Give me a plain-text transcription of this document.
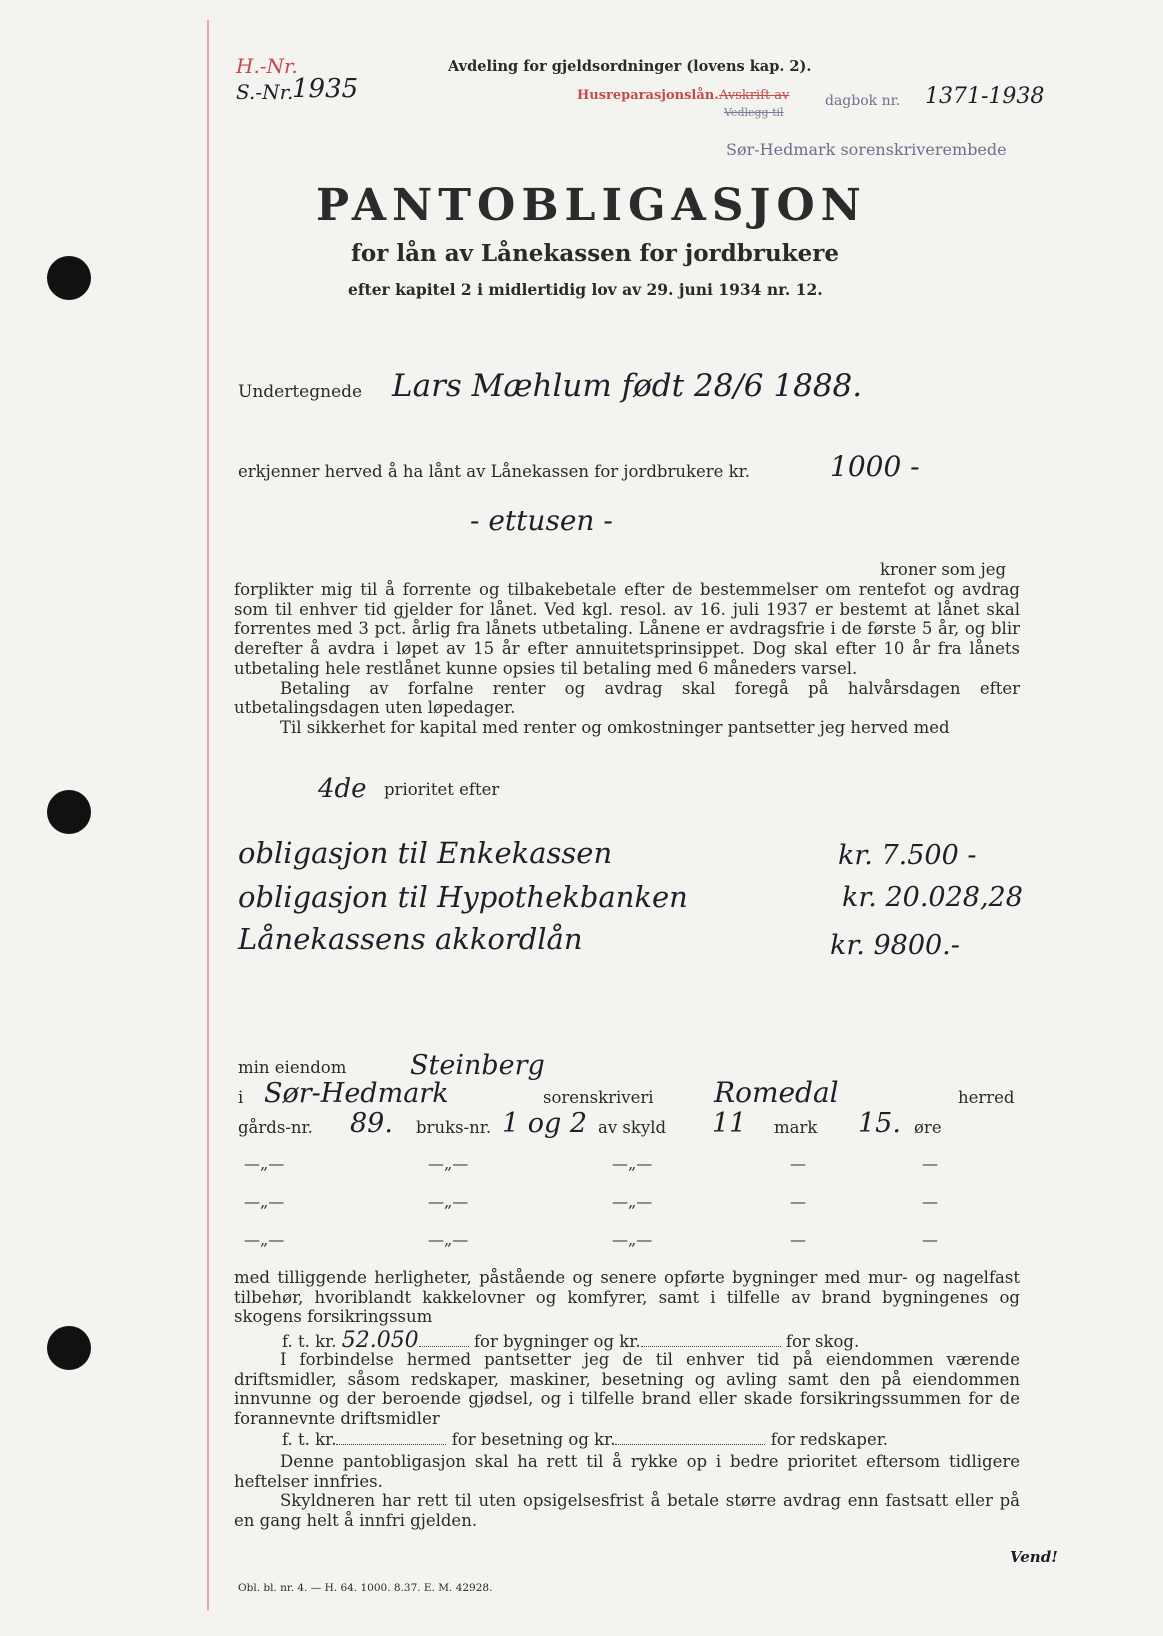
H.-Nr.
S.-Nr.
1935
Avdeling for gjeldsordninger (lovens kap. 2).
Husreparasjonslån. Avskrift av
Vedlegg til
dagbok nr. 1371-1938
Sør-Hedmark sorenskriverembede
PANTOBLIGASJON
for lån av Lånekassen for jordbrukere
efter kapitel 2 i midlertidig lov av 29. juni 1934 nr. 12.
Undertegnede Lars Mæhlum født 28/6 1888.
erkjenner herved å ha lånt av Lånekassen for jordbrukere kr.	1000 -
- ettusen -
kroner som jeg

forplikter mig til å forrente og tilbakebetale efter de bestemmelser om rentefot og avdrag som til enhver tid gjelder for lånet. Ved kgl. resol. av 16. juli 1937 er bestemt at lånet skal forrentes med 3 pct. årlig fra lånets utbetaling. Lånene er avdragsfrie i de første 5 år, og blir derefter å avdra i løpet av 15 år efter annuitetsprinsippet. Dog skal efter 10 år fra lånets utbetaling hele restlånet kunne opsies til betaling med 6 måneders varsel.

Betaling av forfalne renter og avdrag skal foregå på halvårsdagen efter utbetalingsdagen uten løpedager.

Til sikkerhet for kapital med renter og omkostninger pantsetter jeg herved med

4de prioritet efter
obligasjon til Enkekassen	kr. 7.500 -
obligasjon til Hypothekbanken	kr. 20.028,28
Lånekassens akkordlån	kr. 9800.-
min eiendom Steinberg
i Sør-Hedmark	sorenskriveri Romedal	herred
gårds-nr. 89. bruks-nr. 1 og 2 av skyld 11 mark 15. øre
—„—	—„—	—„—	—	—
—„—	—„—	—„—	—	—
—„—	—„—	—„—	—	—

med tilliggende herligheter, påstående og senere opførte bygninger med mur- og nagelfast tilbehør, hvoriblandt kakkelovner og komfyrer, samt i tilfelle av brand bygningenes og skogens forsikringssum

f. t. kr. 52.050	for bygninger og kr.	for skog.

I forbindelse hermed pantsetter jeg de til enhver tid på eiendommen værende driftsmidler, såsom redskaper, maskiner, besetning og avling samt den på eiendommen innvunne og der beroende gjødsel, og i tilfelle brand eller skade forsikringssummen for de forannevnte driftsmidler

f. t. kr.	for besetning og kr.	for redskaper.

Denne pantobligasjon skal ha rett til å rykke op i bedre prioritet eftersom tidligere heftelser innfries.

Skyldneren har rett til uten opsigelsesfrist å betale større avdrag enn fastsatt eller på en gang helt å innfri gjelden.

Vend!
Obl. bl. nr. 4. — H. 64. 1000. 8.37. E. M. 42928.
